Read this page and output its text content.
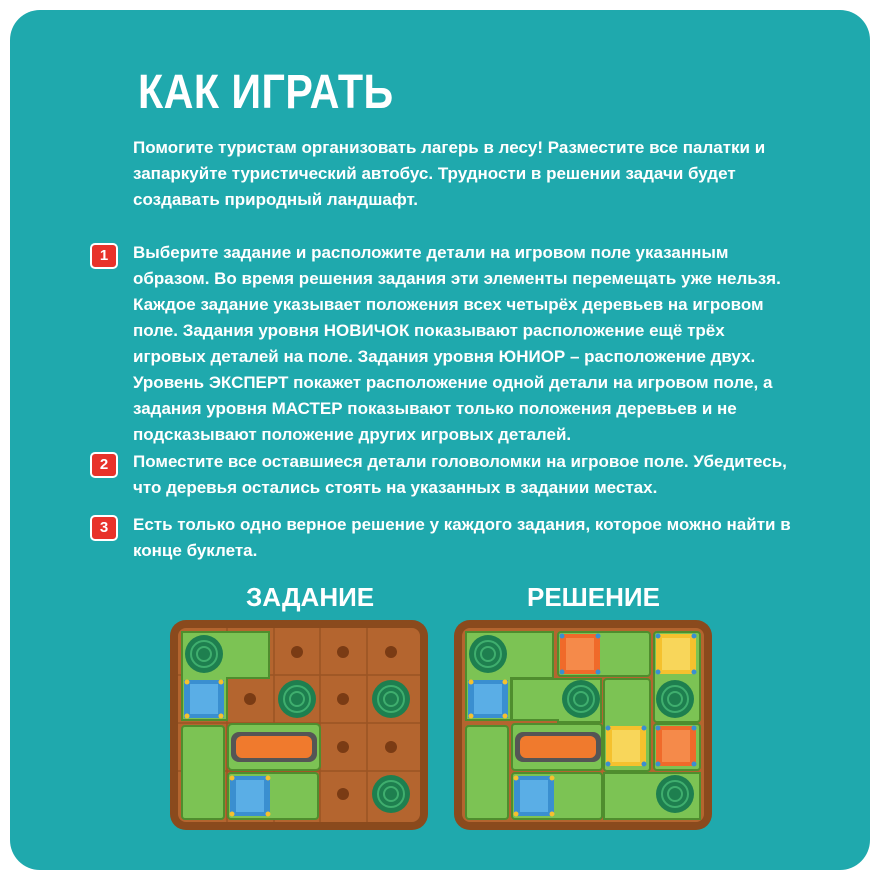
КАК ИГРАТЬ
Помогите туристам организовать лагерь в лесу! Разместите все палатки и запаркуйте туристический автобус. Трудности в решении задачи будет создавать природный ландшафт.
1	Выберите задание и расположите детали на игровом поле указанным образом. Во время решения задания эти элементы перемещать уже нельзя. Каждое задание указывает положения всех четырёх деревьев на игровом поле. Задания уровня НОВИЧОК показывают расположение ещё трёх игровых деталей на поле. Задания уровня ЮНИОР – расположение двух. Уровень ЭКСПЕРТ покажет расположение одной детали на игровом поле, а задания уровня МАСТЕР показывают только положения деревьев и не подсказывают положение других игровых деталей.
2	Поместите все оставшиеся детали головоломки на игровое поле. Убедитесь, что деревья остались стоять на указанных в задании местах.
3	Есть только одно верное решение у каждого задания, которое можно найти в конце буклета.
ЗАДАНИЕ	РЕШЕНИЕ
